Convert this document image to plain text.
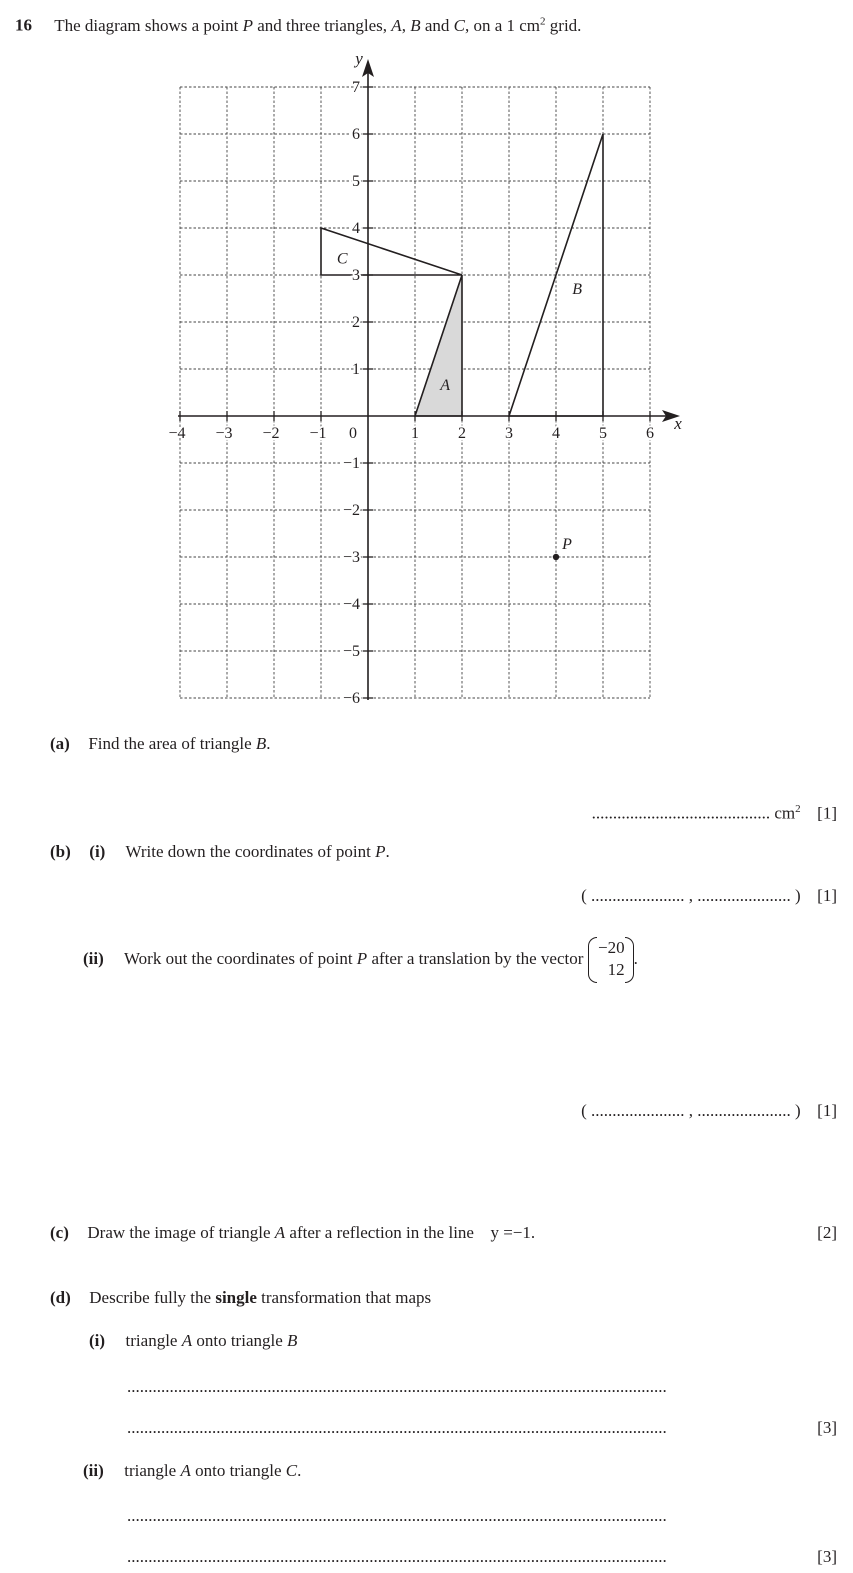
16 The diagram shows a point P and three triangles, A, B and C, on a 1 $cm^2$ grid.
−4 −3 −2 −1	1 2 3 4 5 6
−6
−5
−4
−3
−2
−1
1
2
3
4
5
6
7
0
x
y
A
B
C
P
(a) Find the area of triangle B.
.......................................... $cm^2$ [1]
(b) (i) Write down the coordinates of point P.
( ...................... , ...................... ) [1]
(ii) Work out the coordinates of point P after a translation by the vector
−20
12
.
( ...................... , ...................... ) [1]
(c) Draw the image of triangle A after a reflection in the line  y =−1.	[2]
(d) Describe fully the single transformation that maps
(i) triangle A onto triangle B
...............................................................................................................................
...............................................................................................................................	[3]
(ii) triangle A onto triangle C.
...............................................................................................................................
...............................................................................................................................	[3]
